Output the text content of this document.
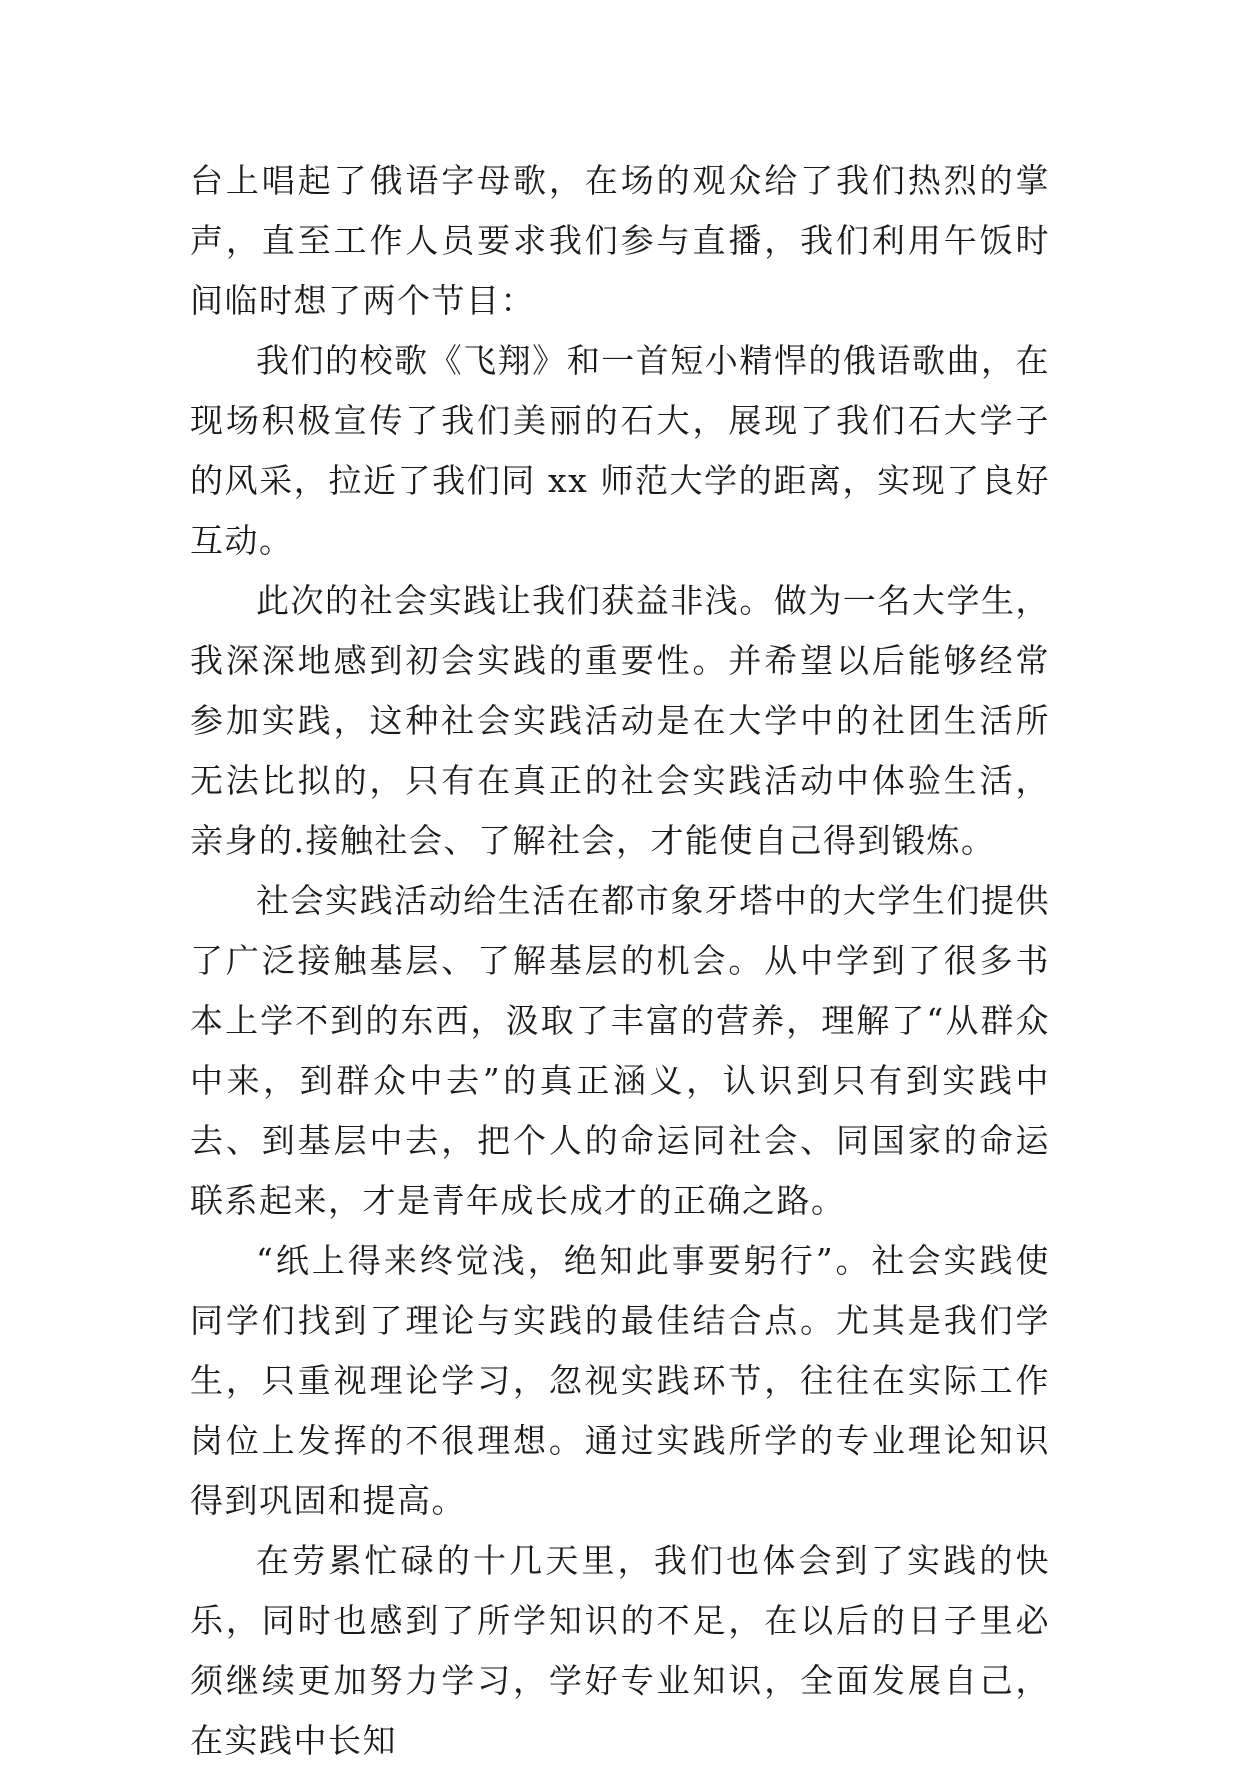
台上唱起了俄语字母歌，在场的观众给了我们热烈的掌声，直至工作人员要求我们参与直播，我们利用午饭时间临时想了两个节目：

我们的校歌《飞翔》和一首短小精悍的俄语歌曲，在现场积极宣传了我们美丽的石大，展现了我们石大学子的风采，拉近了我们同 xx 师范大学的距离，实现了良好互动。

此次的社会实践让我们获益非浅。做为一名大学生，我深深地感到初会实践的重要性。并希望以后能够经常参加实践，这种社会实践活动是在大学中的社团生活所无法比拟的，只有在真正的社会实践活动中体验生活，亲身的.接触社会、了解社会，才能使自己得到锻炼。

社会实践活动给生活在都市象牙塔中的大学生们提供了广泛接触基层、了解基层的机会。从中学到了很多书本上学不到的东西，汲取了丰富的营养，理解了“从群众中来，到群众中去”的真正涵义，认识到只有到实践中去、到基层中去，把个人的命运同社会、同国家的命运联系起来，才是青年成长成才的正确之路。

“纸上得来终觉浅，绝知此事要躬行”。社会实践使同学们找到了理论与实践的最佳结合点。尤其是我们学生，只重视理论学习，忽视实践环节，往往在实际工作岗位上发挥的不很理想。通过实践所学的专业理论知识得到巩固和提高。

在劳累忙碌的十几天里，我们也体会到了实践的快乐，同时也感到了所学知识的不足，在以后的日子里必须继续更加努力学习，学好专业知识，全面发展自己，在实践中长知
